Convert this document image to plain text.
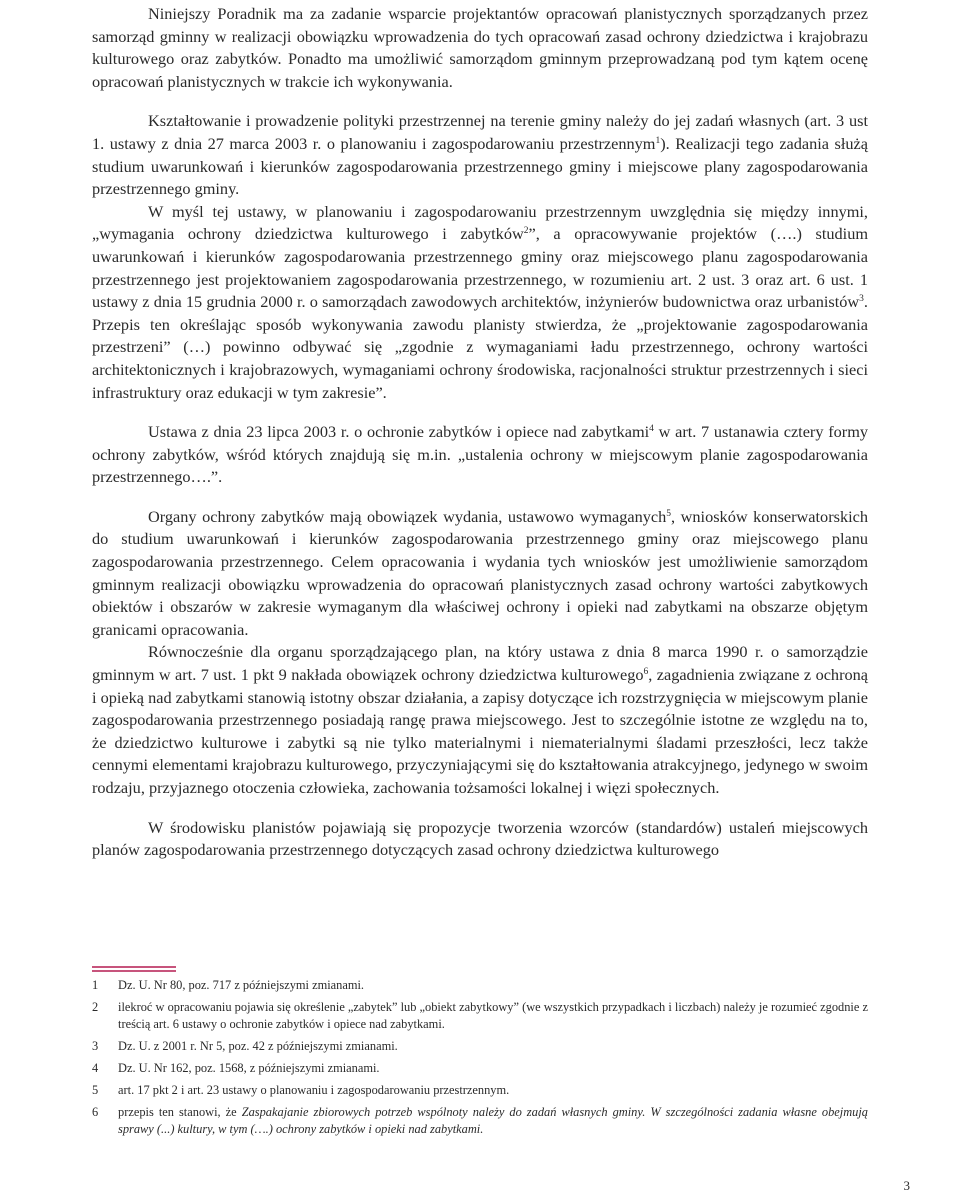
Niniejszy Poradnik ma za zadanie wsparcie projektantów opracowań planistycznych sporządzanych przez samorząd gminny w realizacji obowiązku wprowadzenia do tych opracowań zasad ochrony dziedzictwa i krajobrazu kulturowego oraz zabytków. Ponadto ma umożliwić samorządom gminnym przeprowadzaną pod tym kątem ocenę opracowań planistycznych w trakcie ich wykonywania.

Kształtowanie i prowadzenie polityki przestrzennej na terenie gminy należy do jej zadań własnych (art. 3 ust 1. ustawy z dnia 27 marca 2003 r. o planowaniu i zagospodarowaniu przestrzennym$^1$). Realizacji tego zadania służą studium uwarunkowań i kierunków zagospodarowania przestrzennego gminy i miejscowe plany zagospodarowania przestrzennego gminy.

W myśl tej ustawy, w planowaniu i zagospodarowaniu przestrzennym uwzględnia się między innymi, „wymagania ochrony dziedzictwa kulturowego i zabytków$^2$”, a opracowywanie projektów (….) studium uwarunkowań i kierunków zagospodarowania przestrzennego gminy oraz miejscowego planu zagospodarowania przestrzennego jest projektowaniem zagospodarowania przestrzennego, w rozumieniu art. 2 ust. 3 oraz art. 6 ust. 1 ustawy z dnia 15 grudnia 2000 r. o samorządach zawodowych architektów, inżynierów budownictwa oraz urbanistów$^3$. Przepis ten określając sposób wykonywania zawodu planisty stwierdza, że „projektowanie zagospodarowania przestrzeni” (…) powinno odbywać się „zgodnie z wymaganiami ładu przestrzennego, ochrony wartości architektonicznych i krajobrazowych, wymaganiami ochrony środowiska, racjonalności struktur przestrzennych i sieci infrastruktury oraz edukacji w tym zakresie”.

Ustawa z dnia 23 lipca 2003 r. o ochronie zabytków i opiece nad zabytkami$^4$ w art. 7 ustanawia cztery formy ochrony zabytków, wśród których znajdują się m.in. „ustalenia ochrony w miejscowym planie zagospodarowania przestrzennego….”.

Organy ochrony zabytków mają obowiązek wydania, ustawowo wymaganych$^5$, wniosków konserwatorskich do studium uwarunkowań i kierunków zagospodarowania przestrzennego gminy oraz miejscowego planu zagospodarowania przestrzennego. Celem opracowania i wydania tych wniosków jest umożliwienie samorządom gminnym realizacji obowiązku wprowadzenia do opracowań planistycznych zasad ochrony wartości zabytkowych obiektów i obszarów w zakresie wymaganym dla właściwej ochrony i opieki nad zabytkami na obszarze objętym granicami opracowania.

Równocześnie dla organu sporządzającego plan, na który ustawa z dnia 8 marca 1990 r. o samorządzie gminnym w art. 7 ust. 1 pkt 9 nakłada obowiązek ochrony dziedzictwa kulturowego$^6$, zagadnienia związane z ochroną i opieką nad zabytkami stanowią istotny obszar działania, a zapisy dotyczące ich rozstrzygnięcia w miejscowym planie zagospodarowania przestrzennego posiadają rangę prawa miejscowego. Jest to szczególnie istotne ze względu na to, że dziedzictwo kulturowe i zabytki są nie tylko materialnymi i niematerialnymi śladami przeszłości, lecz także cennymi elementami krajobrazu kulturowego, przyczyniającymi się do kształtowania atrakcyjnego, jedynego w swoim rodzaju, przyjaznego otoczenia człowieka, zachowania tożsamości lokalnej i więzi społecznych.

W środowisku planistów pojawiają się propozycje tworzenia wzorców (standardów) ustaleń miejscowych planów zagospodarowania przestrzennego dotyczących zasad ochrony dziedzictwa kulturowego

1	Dz. U. Nr 80, poz. 717 z późniejszymi zmianami.
2	ilekroć w opracowaniu pojawia się określenie „zabytek” lub „obiekt zabytkowy” (we wszystkich przypadkach i liczbach) należy je rozumieć zgodnie z treścią art. 6 ustawy o ochronie zabytków i opiece nad zabytkami.
3	Dz. U. z 2001 r. Nr 5, poz. 42 z późniejszymi zmianami.
4	Dz. U. Nr 162, poz. 1568, z późniejszymi zmianami.
5	art. 17 pkt 2 i art. 23 ustawy o planowaniu i zagospodarowaniu przestrzennym.
6	przepis ten stanowi, że Zaspakajanie zbiorowych potrzeb wspólnoty należy do zadań własnych gminy. W szczególności zadania własne obejmują sprawy (...) kultury, w tym (….) ochrony zabytków i opieki nad zabytkami.
3
